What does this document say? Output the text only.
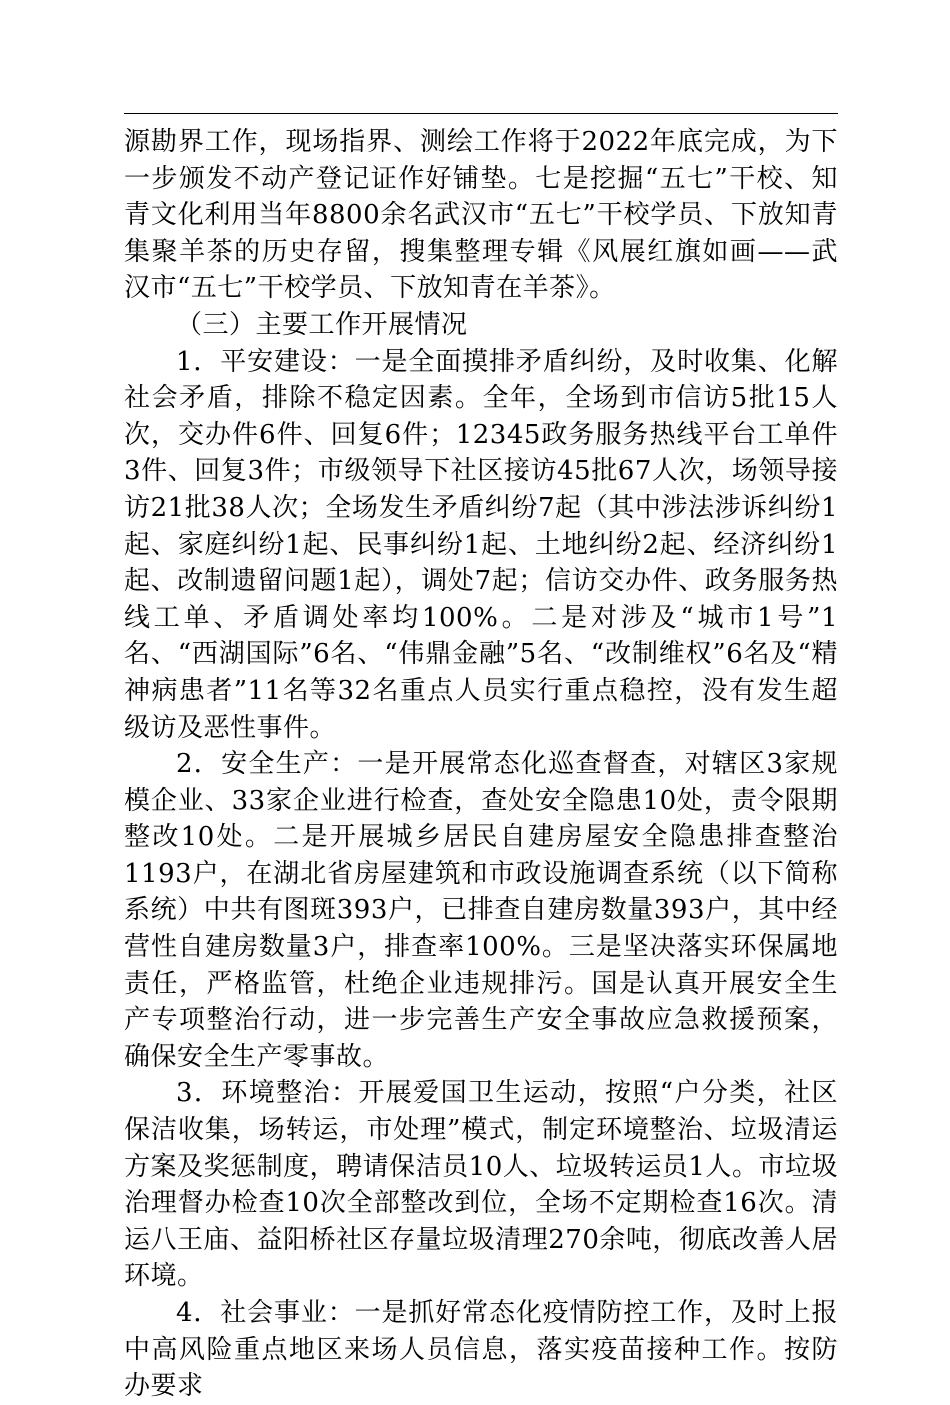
源勘界工作，现场指界、测绘工作将于2022年底完成，为下一步颁发不动产登记证作好铺垫。七是挖掘“五七”干校、知青文化利用当年8800余名武汉市“五七”干校学员、下放知青集聚羊茶的历史存留，搜集整理专辑《风展红旗如画——武汉市“五七”干校学员、下放知青在羊茶》。

（三）主要工作开展情况

1．平安建设：一是全面摸排矛盾纠纷，及时收集、化解社会矛盾，排除不稳定因素。全年，全场到市信访5批15人次，交办件6件、回复6件；12345政务服务热线平台工单件3件、回复3件；市级领导下社区接访45批67人次，场领导接访21批38人次；全场发生矛盾纠纷7起（其中涉法涉诉纠纷1起、家庭纠纷1起、民事纠纷1起、土地纠纷2起、经济纠纷1起、改制遗留问题1起），调处7起；信访交办件、政务服务热线工单、矛盾调处率均100%。二是对涉及“城市1号”1名、“西湖国际”6名、“伟鼎金融”5名、“改制维权”6名及“精神病患者”11名等32名重点人员实行重点稳控，没有发生超级访及恶性事件。

2．安全生产：一是开展常态化巡查督查，对辖区3家规模企业、33家企业进行检查，查处安全隐患10处，责令限期整改10处。二是开展城乡居民自建房屋安全隐患排查整治 1193户，在湖北省房屋建筑和市政设施调查系统（以下简称系统）中共有图斑393户，已排查自建房数量393户，其中经营性自建房数量3户，排查率100%。三是坚决落实环保属地责任，严格监管，杜绝企业违规排污。国是认真开展安全生产专项整治行动，进一步完善生产安全事故应急救援预案，确保安全生产零事故。

3．环境整治：开展爱国卫生运动，按照“户分类，社区保洁收集，场转运，市处理”模式，制定环境整治、垃圾清运方案及奖惩制度，聘请保洁员10人、垃圾转运员1人。市垃圾治理督办检查10次全部整改到位，全场不定期检查16次。清运八王庙、益阳桥社区存量垃圾清理270余吨，彻底改善人居环境。

4．社会事业：一是抓好常态化疫情防控工作，及时上报中高风险重点地区来场人员信息，落实疫苗接种工作。按防办要求
